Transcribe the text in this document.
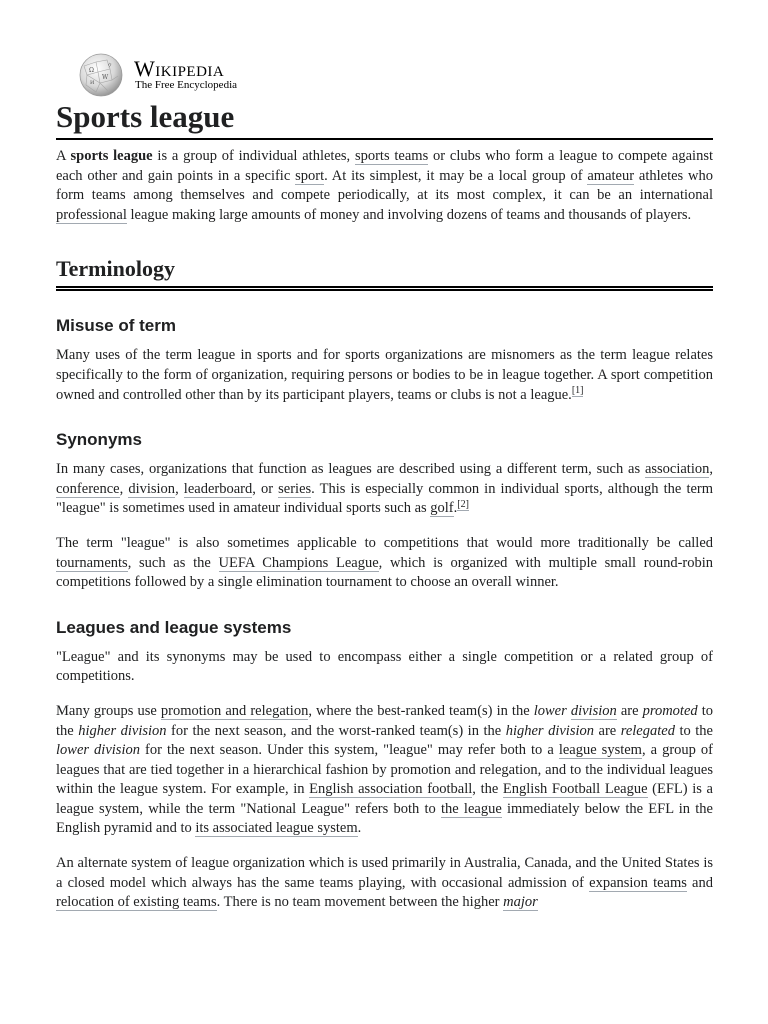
Ω
W
И
ウ Wikipedia
The Free Encyclopedia
Sports league

A sports league is a group of individual athletes, sports teams or clubs who form a league to compete against each other and gain points in a specific sport. At its simplest, it may be a local group of amateur athletes who form teams among themselves and compete periodically, at its most complex, it can be an international professional league making large amounts of money and involving dozens of teams and thousands of players.

Terminology
Misuse of term

Many uses of the term league in sports and for sports organizations are misnomers as the term league relates specifically to the form of organization, requiring persons or bodies to be in league together. A sport competition owned and controlled other than by its participant players, teams or clubs is not a league.[1]

Synonyms

In many cases, organizations that function as leagues are described using a different term, such as association, conference, division, leaderboard, or series. This is especially common in individual sports, although the term "league" is sometimes used in amateur individual sports such as golf.[2]

The term "league" is also sometimes applicable to competitions that would more traditionally be called tournaments, such as the UEFA Champions League, which is organized with multiple small round-robin competitions followed by a single elimination tournament to choose an overall winner.

Leagues and league systems

"League" and its synonyms may be used to encompass either a single competition or a related group of competitions.

Many groups use promotion and relegation, where the best-ranked team(s) in the lower division are promoted to the higher division for the next season, and the worst-ranked team(s) in the higher division are relegated to the lower division for the next season. Under this system, "league" may refer both to a league system, a group of leagues that are tied together in a hierarchical fashion by promotion and relegation, and to the individual leagues within the league system. For example, in English association football, the English Football League (EFL) is a league system, while the term "National League" refers both to the league immediately below the EFL in the English pyramid and to its associated league system.

An alternate system of league organization which is used primarily in Australia, Canada, and the United States is a closed model which always has the same teams playing, with occasional admission of expansion teams and relocation of existing teams. There is no team movement between the higher major
